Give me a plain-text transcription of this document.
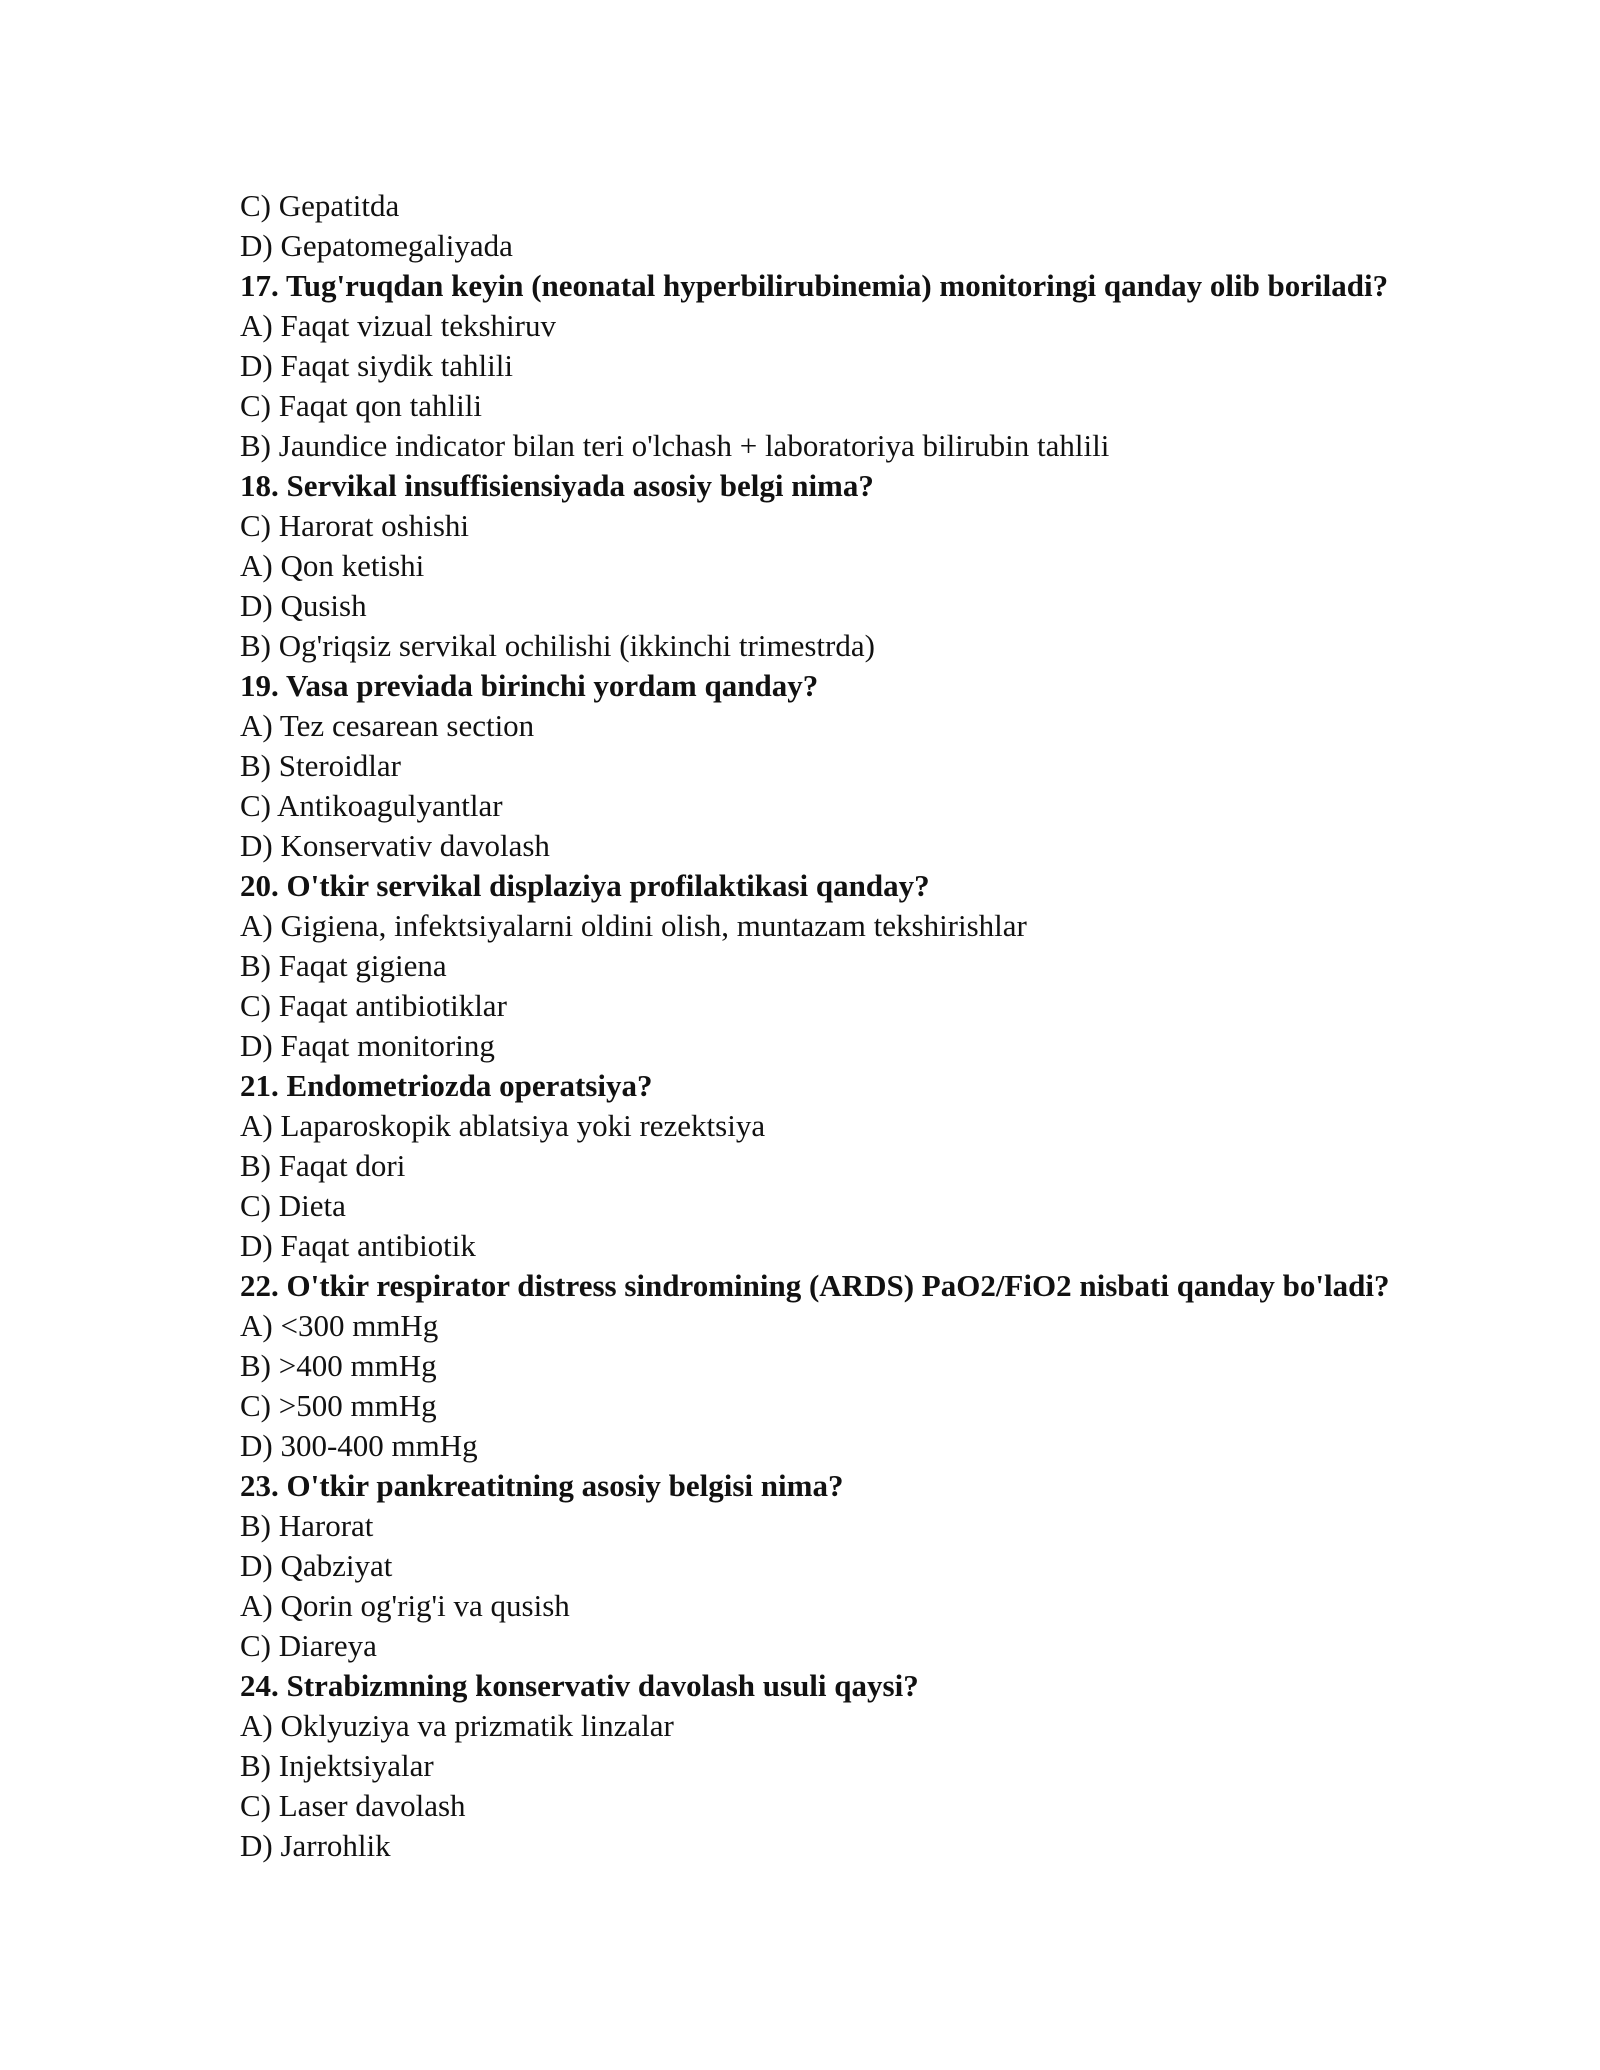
C) Gepatitda
D) Gepatomegaliyada
17. Tug'ruqdan keyin (neonatal hyperbilirubinemia) monitoringi qanday olib boriladi?
A) Faqat vizual tekshiruv
D) Faqat siydik tahlili
C) Faqat qon tahlili
B) Jaundice indicator bilan teri o'lchash + laboratoriya bilirubin tahlili
18. Servikal insuffisiensiyada asosiy belgi nima?
C) Harorat oshishi
A) Qon ketishi
D) Qusish
B) Og'riqsiz servikal ochilishi (ikkinchi trimestrda)
19. Vasa previada birinchi yordam qanday?
A) Tez cesarean section
B) Steroidlar
C) Antikoagulyantlar
D) Konservativ davolash
20. O'tkir servikal displaziya profilaktikasi qanday?
A) Gigiena, infektsiyalarni oldini olish, muntazam tekshirishlar
B) Faqat gigiena
C) Faqat antibiotiklar
D) Faqat monitoring
21. Endometriozda operatsiya?
A) Laparoskopik ablatsiya yoki rezektsiya
B) Faqat dori
C) Dieta
D) Faqat antibiotik
22. O'tkir respirator distress sindromining (ARDS) PaO2/FiO2 nisbati qanday bo'ladi?
A) <300 mmHg
B) >400 mmHg
C) >500 mmHg
D) 300-400 mmHg
23. O'tkir pankreatitning asosiy belgisi nima?
B) Harorat
D) Qabziyat
A) Qorin og'rig'i va qusish
C) Diareya
24. Strabizmning konservativ davolash usuli qaysi?
A) Oklyuziya va prizmatik linzalar
B) Injektsiyalar
C) Laser davolash
D) Jarrohlik
